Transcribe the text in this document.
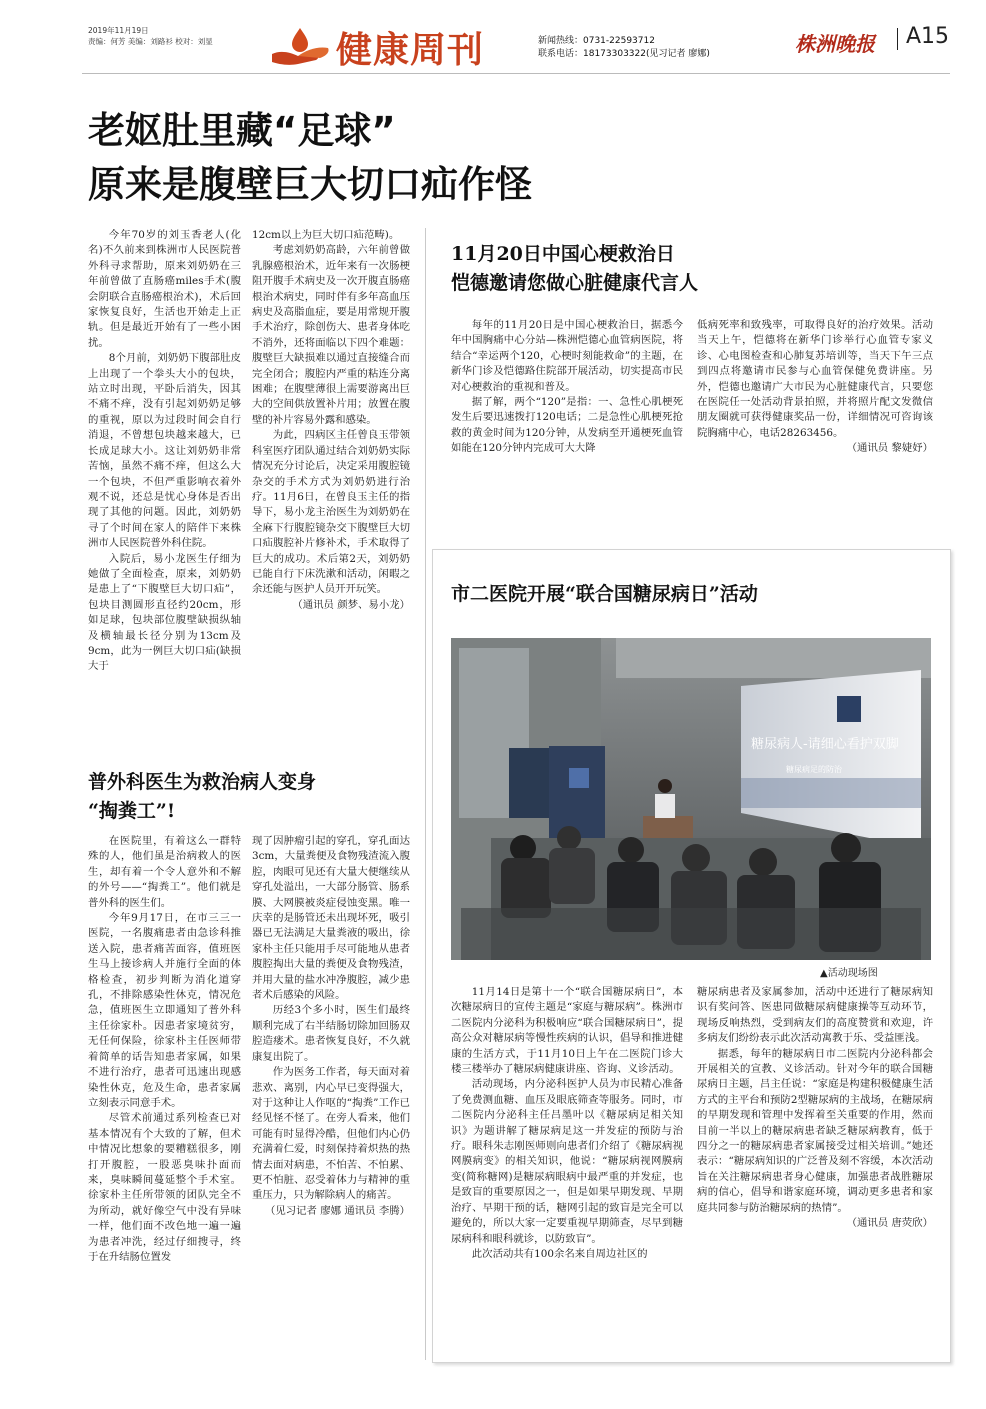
2019年11月19日
责编：何芳 美编：刘路衫 校对：刘显	健康周刊	新闻热线：0731-22593712
联系电话：18173303322(见习记者 廖娜)	株洲晚报 A15
老妪肚里藏“足球”
原来是腹壁巨大切口疝作怪

今年70岁的刘玉香老人(化名)不久前来到株洲市人民医院普外科寻求帮助，原来刘奶奶在三年前曾做了直肠癌miles手术(腹会阴联合直肠癌根治术)，术后回家恢复良好，生活也开始走上正轨。但是最近开始有了一些小困扰。

8个月前，刘奶奶下腹部肚皮上出现了一个拳头大小的包块，站立时出现，平卧后消失，因其不痛不痒，没有引起刘奶奶足够的重视，原以为过段时间会自行消退，不曾想包块越来越大，已长成足球大小。这让刘奶奶非常苦恼，虽然不痛不痒，但这么大一个包块，不但严重影响衣着外观不说，还总是忧心身体是否出现了其他的问题。因此，刘奶奶寻了个时间在家人的陪伴下来株洲市人民医院普外科住院。

入院后，易小龙医生仔细为她做了全面检查，原来，刘奶奶是患上了“下腹壁巨大切口疝”，包块目测圆形直径约20cm，形如足球，包块部位腹壁缺损纵轴及横轴最长径分别为13cm及9cm，此为一例巨大切口疝(缺损大于

12cm以上为巨大切口疝范畴)。

考虑刘奶奶高龄，六年前曾做乳腺癌根治术，近年来有一次肠梗阻开腹手术病史及一次开腹直肠癌根治术病史，同时伴有多年高血压病史及高脂血症，要是用常规开腹手术治疗，除创伤大、患者身体吃不消外，还将面临以下四个难题：腹壁巨大缺损难以通过直接缝合而完全闭合；腹腔内严重的粘连分离困难；在腹壁薄很上需要游离出巨大的空间供放置补片用；放置在腹壁的补片容易外露和感染。

为此，四病区主任曾良玉带领科室医疗团队通过结合刘奶奶实际情况充分讨论后，决定采用腹腔镜杂交的手术方式为刘奶奶进行治疗。11月6日，在曾良玉主任的指导下，易小龙主治医生为刘奶奶在全麻下行腹腔镜杂交下腹壁巨大切口疝腹腔补片修补术，手术取得了巨大的成功。术后第2天，刘奶奶已能自行下床洗漱和活动，闲暇之余还能与医护人员开开玩笑。

（通讯员 颜梦、易小龙）
普外科医生为救治病人变身
“掏粪工”!

在医院里，有着这么一群特殊的人，他们虽是治病救人的医生，却有着一个令人意外和不解的外号——“掏粪工”。他们就是普外科的医生们。

今年9月17日，在市三三一医院，一名腹痛患者由急诊科推送入院，患者痛苦面容，值班医生马上接诊病人并施行全面的体格检查，初步判断为消化道穿孔，不排除感染性休克，情况危急，值班医生立即通知了普外科主任徐家朴。因患者家境贫穷，无任何保险，徐家朴主任医师带着简单的话告知患者家属，如果不进行治疗，患者可迅速出现感染性休克，危及生命，患者家属立刻表示同意手术。

尽管术前通过系列检查已对基本情况有个大致的了解，但术中情况比想象的要糟糕很多，刚打开腹腔，一股恶臭味扑面而来，臭味瞬间蔓延整个手术室。徐家朴主任所带领的团队完全不为所动，就好像空气中没有异味一样，他们面不改色地一遍一遍为患者冲洗，经过仔细搜寻，终于在升结肠位置发

现了因肿瘤引起的穿孔，穿孔面达3cm，大量粪便及食物残渣流入腹腔，肉眼可见还有大量大便继续从穿孔处溢出，一大部分肠管、肠系膜、大网膜被炎症侵蚀变黑。唯一庆幸的是肠管还未出现坏死，吸引器已无法满足大量粪液的吸出，徐家朴主任只能用手尽可能地从患者腹腔掏出大量的粪便及食物残渣，并用大量的盐水冲净腹腔，减少患者术后感染的风险。

历经3个多小时，医生们最终顺利完成了右半结肠切除加回肠双腔造瘘术。患者恢复良好，不久就康复出院了。

作为医务工作者，每天面对着悲欢、离别，内心早已变得强大，对于这种让人作呕的“掏粪”工作已经见怪不怪了。在旁人看来，他们可能有时显得冷酷，但他们内心仍充满着仁爱，时刻保持着炽热的热情去面对病患，不怕苦、不怕累、更不怕脏、忍受着体力与精神的重重压力，只为解除病人的痛苦。

（见习记者 廖娜 通讯员 李腾）
11月20日中国心梗救治日
恺德邀请您做心脏健康代言人

每年的11月20日是中国心梗救治日，据悉今年中国胸痛中心分站—株洲恺德心血管病医院，将结合“幸运两个120，心梗时刻能救命”的主题，在新华门诊及恺德路住院部开展活动，切实提高市民对心梗救治的重视和普及。

据了解，两个“120”是指：一、急性心肌梗死发生后要迅速拨打120电话；二是急性心肌梗死抢救的黄金时间为120分钟，从发病至开通梗死血管如能在120分钟内完成可大大降

低病死率和致残率，可取得良好的治疗效果。活动当天上午，恺德将在新华门诊举行心血管专家义诊、心电图检查和心肺复苏培训等，当天下午三点到四点将邀请市民参与心血管保健免费讲座。另外，恺德也邀请广大市民为心脏健康代言，只要您在医院任一处活动背景拍照，并将照片配文发微信朋友圈就可获得健康奖品一份，详细情况可咨询该院胸痛中心，电话28263456。

（通讯员 黎婕妤）
市二医院开展“联合国糖尿病日”活动
糖尿病人-请细心看护双脚
糖尿病足的防治
▲活动现场图

11月14日是第十一个“联合国糖尿病日”，本次糖尿病日的宣传主题是“家庭与糖尿病”。株洲市二医院内分泌科为积极响应“联合国糖尿病日”，提高公众对糖尿病等慢性疾病的认识，倡导和推进健康的生活方式，于11月10日上午在二医院门诊大楼三楼举办了糖尿病健康讲座、咨询、义诊活动。

活动现场，内分泌科医护人员为市民精心准备了免费测血糖、血压及眼底筛查等服务。同时，市二医院内分泌科主任吕墨叶以《糖尿病足相关知识》为题讲解了糖尿病足这一并发症的预防与治疗。眼科朱志刚医师则向患者们介绍了《糖尿病视网膜病变》的相关知识，他说：“糖尿病视网膜病变(简称糖网)是糖尿病眼病中最严重的并发症，也是致盲的重要原因之一，但是如果早期发现、早期治疗、早期干预的话，糖网引起的致盲是完全可以避免的，所以大家一定要重视早期筛查，尽早到糖尿病科和眼科就诊，以防致盲”。

此次活动共有100余名来自周边社区的

糖尿病患者及家属参加，活动中还进行了糖尿病知识有奖问答、医患同做糖尿病健康操等互动环节，现场反响热烈，受到病友们的高度赞赏和欢迎，许多病友们纷纷表示此次活动寓教于乐、受益匪浅。

据悉，每年的糖尿病日市二医院内分泌科都会开展相关的宣教、义诊活动。针对今年的联合国糖尿病日主题，吕主任说：“家庭是构建积极健康生活方式的主平台和预防2型糖尿病的主战场，在糖尿病的早期发现和管理中发挥着至关重要的作用，然而目前一半以上的糖尿病患者缺乏糖尿病教育，低于四分之一的糖尿病患者家属接受过相关培训。”她还表示：“糖尿病知识的广泛普及刻不容缓，本次活动旨在关注糖尿病患者身心健康，加强患者战胜糖尿病的信心，倡导和谐家庭环境，调动更多患者和家庭共同参与防治糖尿病的热情”。

（通讯员 唐荧欣）
